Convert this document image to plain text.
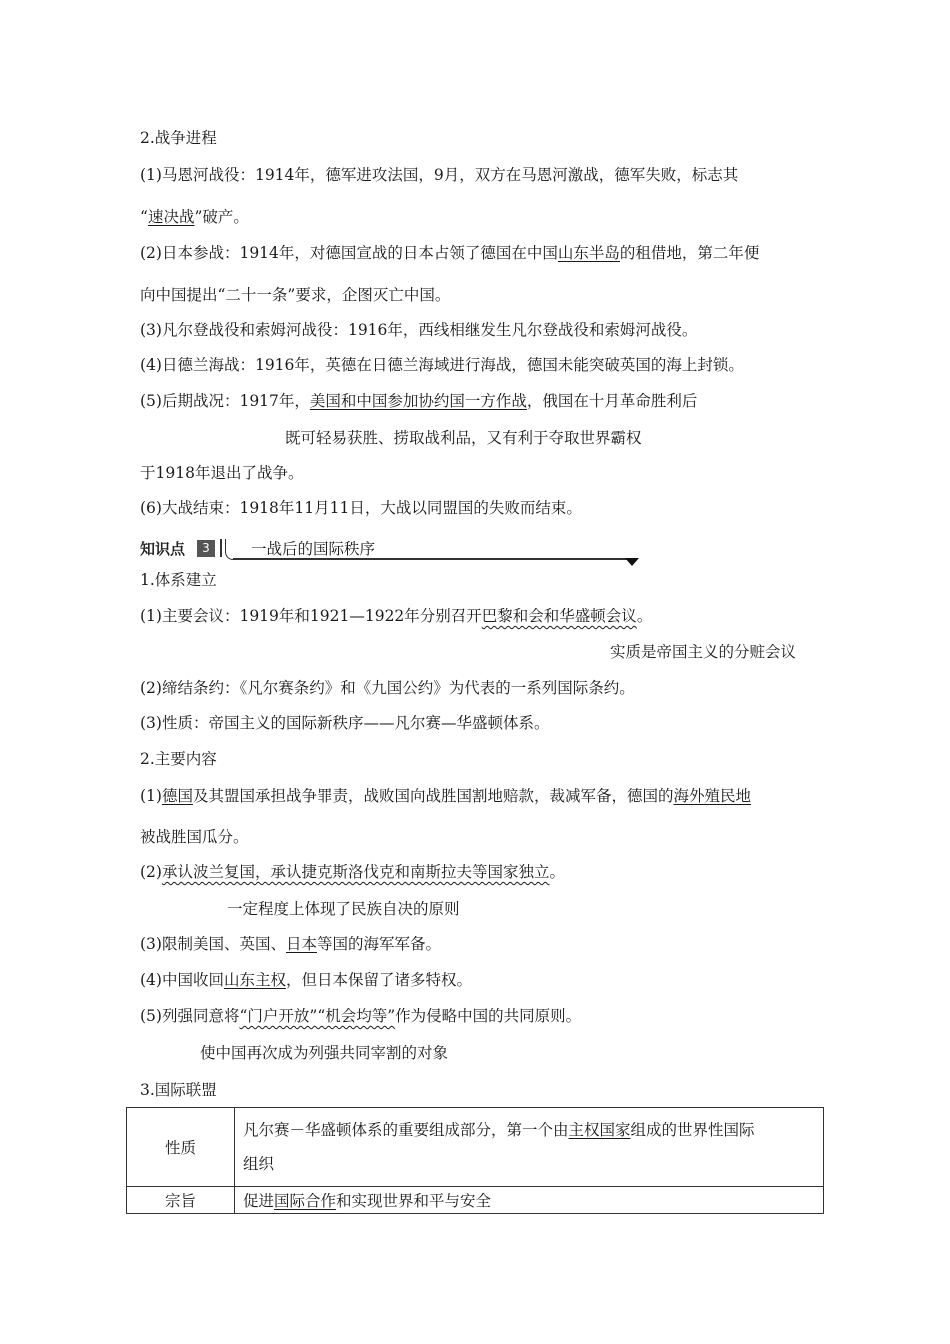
2.战争进程
(1)马恩河战役：1914年，德军进攻法国，9月，双方在马恩河激战，德军失败，标志其
“速决战”破产。
(2)日本参战：1914年，对德国宣战的日本占领了德国在中国山东半岛的租借地，第二年便
向中国提出“二十一条”要求，企图灭亡中国。
(3)凡尔登战役和索姆河战役：1916年，西线相继发生凡尔登战役和索姆河战役。
(4)日德兰海战：1916年，英德在日德兰海域进行海战，德国未能突破英国的海上封锁。
(5)后期战况：1917年，美国和中国参加协约国一方作战，俄国在十月革命胜利后
既可轻易获胜、捞取战利品，又有利于夺取世界霸权
于1918年退出了战争。
(6)大战结束：1918年11月11日，大战以同盟国的失败而结束。
知识点	3	一战后的国际秩序
1.体系建立
(1)主要会议：1919年和1921—1922年分别召开巴黎和会和华盛顿会议。
实质是帝国主义的分赃会议
(2)缔结条约：《凡尔赛条约》和《九国公约》为代表的一系列国际条约。
(3)性质：帝国主义的国际新秩序——凡尔赛—华盛顿体系。
2.主要内容
(1)德国及其盟国承担战争罪责，战败国向战胜国割地赔款，裁减军备，德国的海外殖民地
被战胜国瓜分。
(2)承认波兰复国，承认捷克斯洛伐克和南斯拉夫等国家独立。
一定程度上体现了民族自决的原则
(3)限制美国、英国、日本等国的海军军备。
(4)中国收回山东主权，但日本保留了诸多特权。
(5)列强同意将“门户开放”“机会均等”作为侵略中国的共同原则。
使中国再次成为列强共同宰割的对象
3.国际联盟
性质	凡尔赛－华盛顿体系的重要组成部分，第一个由主权国家组成的世界性国际
组织

宗旨	促进国际合作和实现世界和平与安全
